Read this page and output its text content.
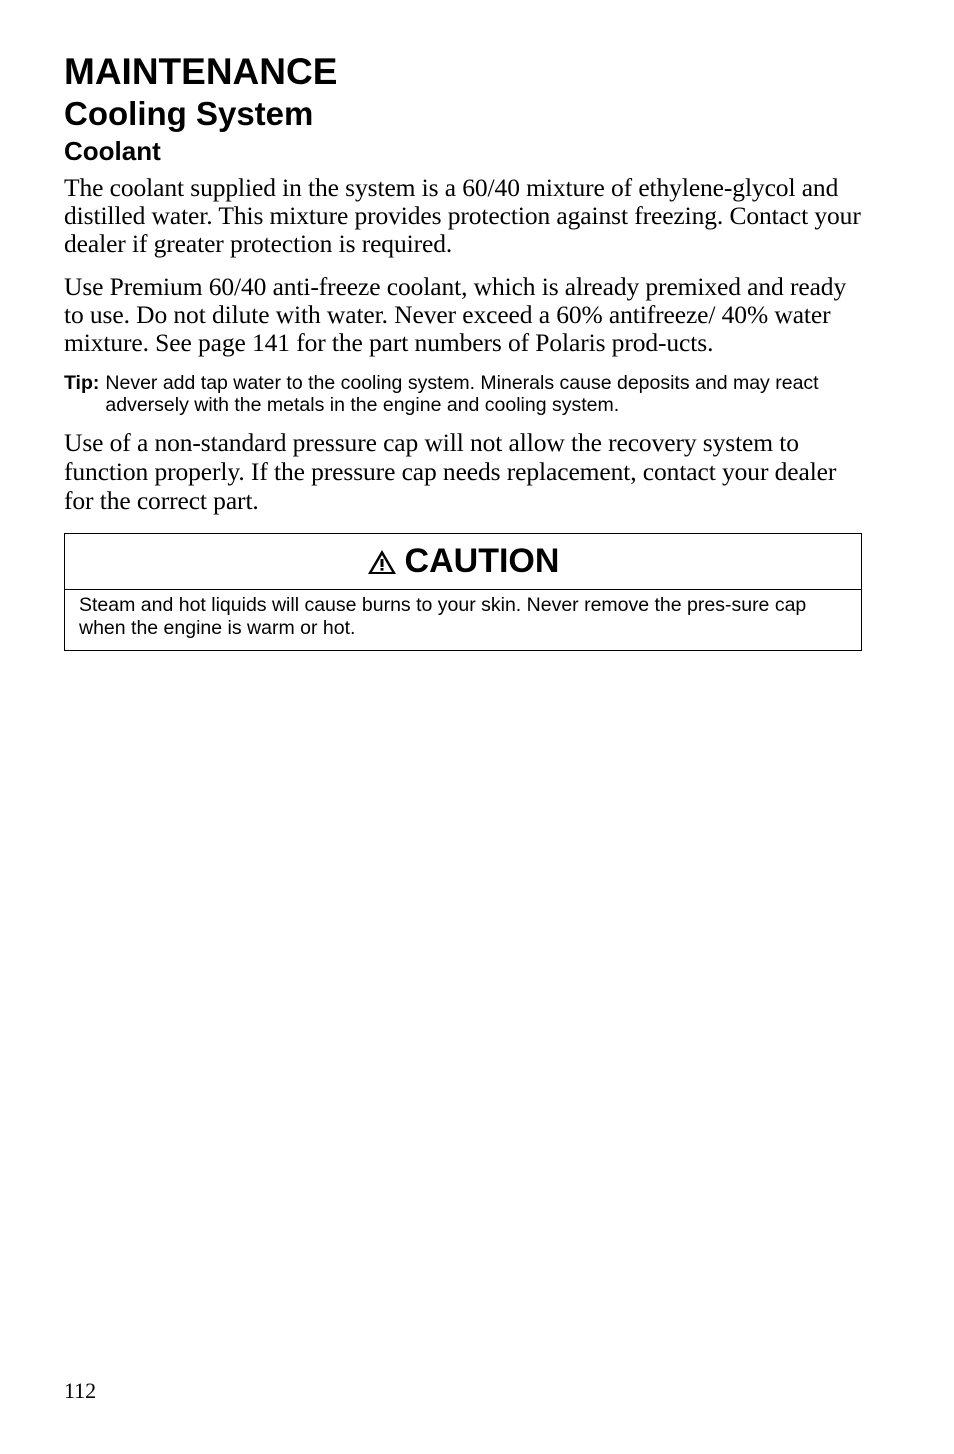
MAINTENANCE
Cooling System
Coolant

The coolant supplied in the system is a 60/40 mixture of ethylene-glycol and distilled water. This mixture provides protection against freezing. Contact your dealer if greater protection is required.

Use Premium 60/40 anti-freeze coolant, which is already premixed and ready to use. Do not dilute with water. Never exceed a 60% antifreeze/ 40% water mixture. See page 141 for the part numbers of Polaris prod-ucts.

Tip: Never add tap water to the cooling system. Minerals cause deposits and may react adversely with the metals in the engine and cooling system.

Use of a non-standard pressure cap will not allow the recovery system to function properly. If the pressure cap needs replacement, contact your dealer for the correct part.

CAUTION
Steam and hot liquids will cause burns to your skin. Never remove the pres-sure cap when the engine is warm or hot.
112
